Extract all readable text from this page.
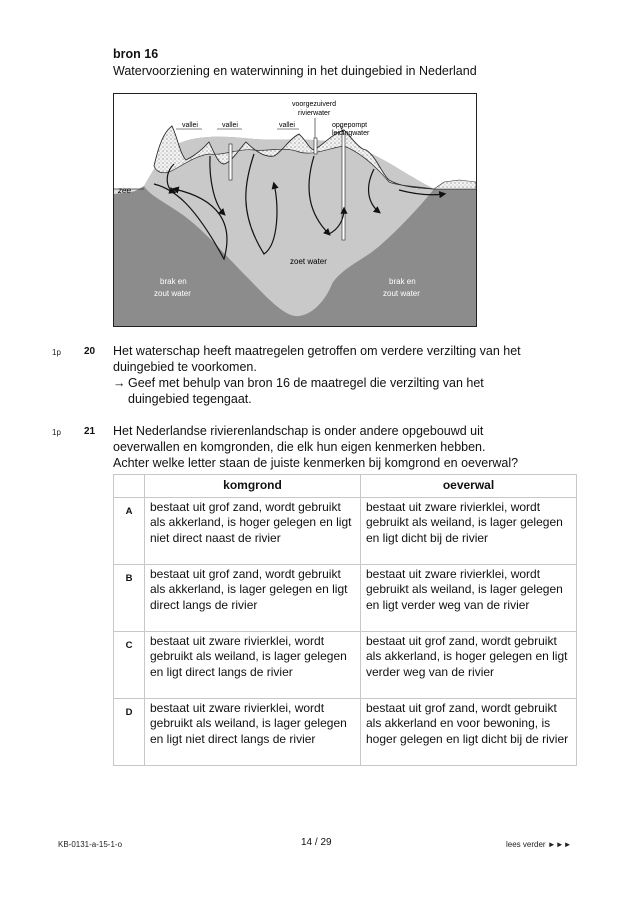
bron 16
Watervoorziening en waterwinning in het duingebied in Nederland
vallei	vallei	vallei
voorgezuiverd
rivierwater
opgepompt
leidingwater
zee
zoet water
brak en
zout water
brak en
zout water
1p 20 Het waterschap heeft maatregelen getroffen om verdere verzilting van het
duingebied te voorkomen.
→ Geef met behulp van bron 16 de maatregel die verzilting van het
duingebied tegengaat.
1p 21 Het Nederlandse rivierenlandschap is onder andere opgebouwd uit
oeverwallen en komgronden, die elk hun eigen kenmerken hebben.
Achter welke letter staan de juiste kenmerken bij komgrond en oeverwal?
	komgrond	oeverwal
A	bestaat uit grof zand, wordt gebruikt als akkerland, is hoger gelegen en ligt niet direct naast de rivier	bestaat uit zware rivierklei, wordt gebruikt als weiland, is lager gelegen en ligt dicht bij de rivier
B	bestaat uit grof zand, wordt gebruikt als akkerland, is lager gelegen en ligt direct langs de rivier	bestaat uit zware rivierklei, wordt gebruikt als weiland, is lager gelegen en ligt verder weg van de rivier
C	bestaat uit zware rivierklei, wordt gebruikt als weiland, is lager gelegen en ligt direct langs de rivier	bestaat uit grof zand, wordt gebruikt als akkerland, is hoger gelegen en ligt verder weg van de rivier
D	bestaat uit zware rivierklei, wordt gebruikt als weiland, is lager gelegen en ligt niet direct langs de rivier	bestaat uit grof zand, wordt gebruikt als akkerland en voor bewoning, is hoger gelegen en ligt dicht bij de rivier
KB-0131-a-15-1-o	14 / 29	lees verder ►►►
